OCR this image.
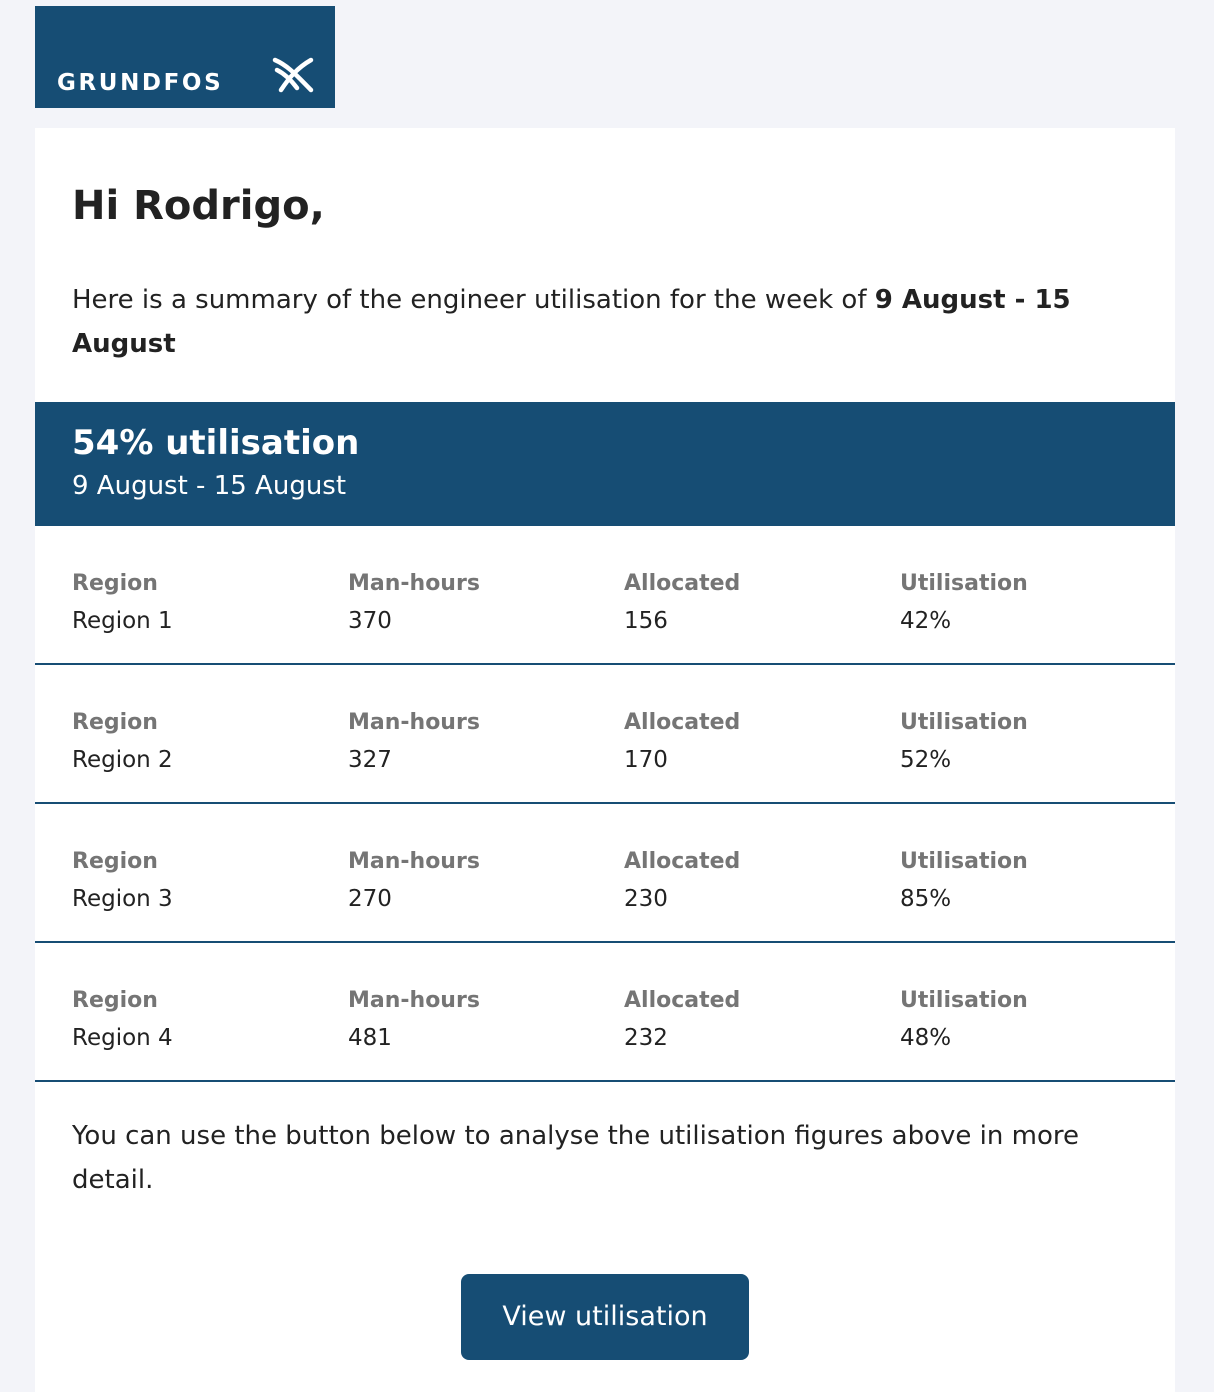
GRUNDFOS
Hi Rodrigo,

Here is a summary of the engineer utilisation for the week of 9 August - 15 August

54% utilisation
9 August - 15 August
Region
Region 1
Man-hours
370
Allocated
156
Utilisation
42%
Region
Region 2
Man-hours
327
Allocated
170
Utilisation
52%
Region
Region 3
Man-hours
270
Allocated
230
Utilisation
85%
Region
Region 4
Man-hours
481
Allocated
232
Utilisation
48%

You can use the button below to analyse the utilisation figures above in more detail.

View utilisation
